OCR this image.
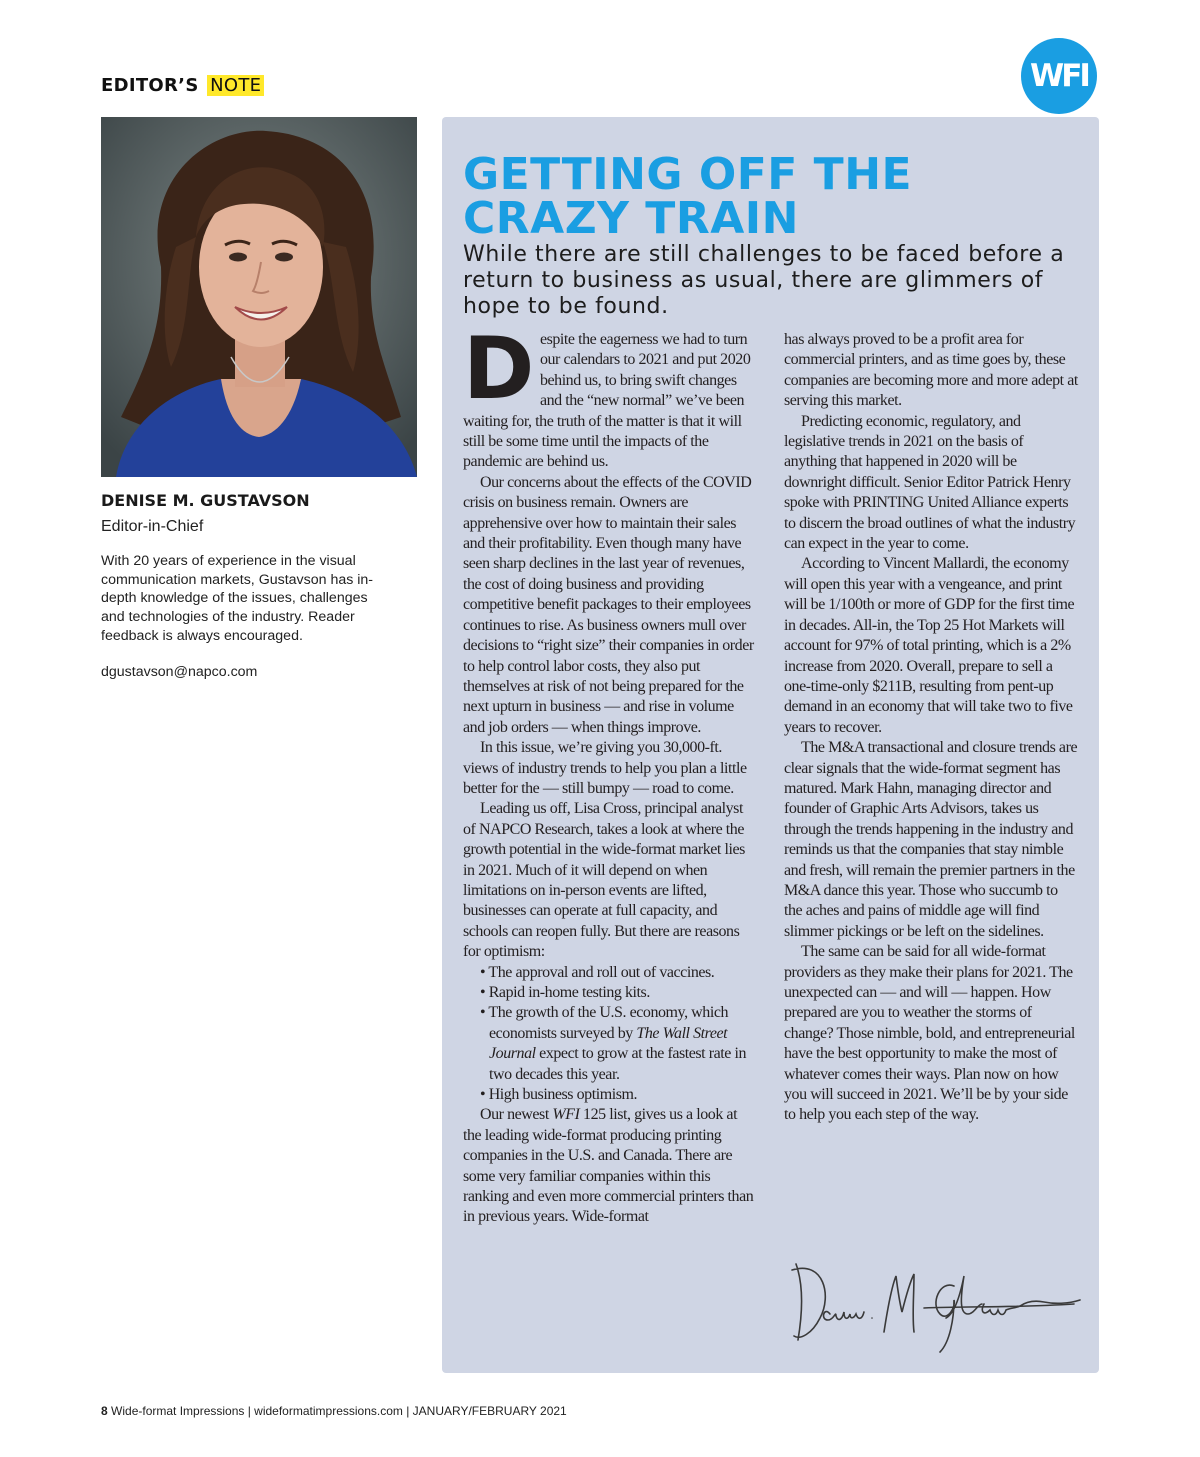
EDITOR’S NOTE	WFI
DENISE M. GUSTAVSON
Editor-in-Chief
With 20 years of experience in the visual communication markets, Gustavson has in-depth knowledge of the issues, challenges and technologies of the industry. Reader feedback is always encouraged.
dgustavson@napco.com
GETTING OFF THE CRAZY TRAIN
While there are still challenges to be faced before a return to business as usual, there are glimmers of hope to be found.

Despite the eagerness we had to turn our calendars to 2021 and put 2020 behind us, to bring swift changes and the “new normal” we’ve been waiting for, the truth of the matter is that it will still be some time until the impacts of the pandemic are behind us.

Our concerns about the effects of the COVID crisis on business remain. Owners are apprehensive over how to maintain their sales and their profitability. Even though many have seen sharp declines in the last year of revenues, the cost of doing business and providing competitive benefit packages to their employees continues to rise. As business owners mull over decisions to “right size” their companies in order to help control labor costs, they also put themselves at risk of not being prepared for the next upturn in business — and rise in volume and job orders — when things improve.

In this issue, we’re giving you 30,000-ft. views of industry trends to help you plan a little better for the — still bumpy — road to come.

Leading us off, Lisa Cross, principal analyst of NAPCO Research, takes a look at where the growth potential in the wide-format market lies in 2021. Much of it will depend on when limitations on in-person events are lifted, businesses can operate at full capacity, and schools can reopen fully. But there are reasons for optimism:

• The approval and roll out of vaccines.
• Rapid in-home testing kits.
• The growth of the U.S. economy, which economists surveyed by The Wall Street Journal expect to grow at the fastest rate in two decades this year.
• High business optimism.

Our newest WFI 125 list, gives us a look at the leading wide-format producing printing companies in the U.S. and Canada. There are some very familiar companies within this ranking and even more commercial printers than in previous years. Wide-format

has always proved to be a profit area for commercial printers, and as time goes by, these companies are becoming more and more adept at serving this market.

Predicting economic, regulatory, and legislative trends in 2021 on the basis of anything that happened in 2020 will be downright difficult. Senior Editor Patrick Henry spoke with PRINTING United Alliance experts to discern the broad outlines of what the industry can expect in the year to come.

According to Vincent Mallardi, the economy will open this year with a vengeance, and print will be 1/100th or more of GDP for the first time in decades. All-in, the Top 25 Hot Markets will account for 97% of total printing, which is a 2% increase from 2020. Overall, prepare to sell a one-time-only $211B, resulting from pent-up demand in an economy that will take two to five years to recover.

The M&A transactional and closure trends are clear signals that the wide-format segment has matured. Mark Hahn, managing director and founder of Graphic Arts Advisors, takes us through the trends happening in the industry and reminds us that the companies that stay nimble and fresh, will remain the premier partners in the M&A dance this year. Those who succumb to the aches and pains of middle age will find slimmer pickings or be left on the sidelines.

The same can be said for all wide-format providers as they make their plans for 2021. The unexpected can — and will — happen. How prepared are you to weather the storms of change? Those nimble, bold, and entrepreneurial have the best opportunity to make the most of whatever comes their ways. Plan now on how you will succeed in 2021. We’ll be by your side to help you each step of the way.

8 Wide-format Impressions | wideformatimpressions.com | JANUARY/FEBRUARY 2021
